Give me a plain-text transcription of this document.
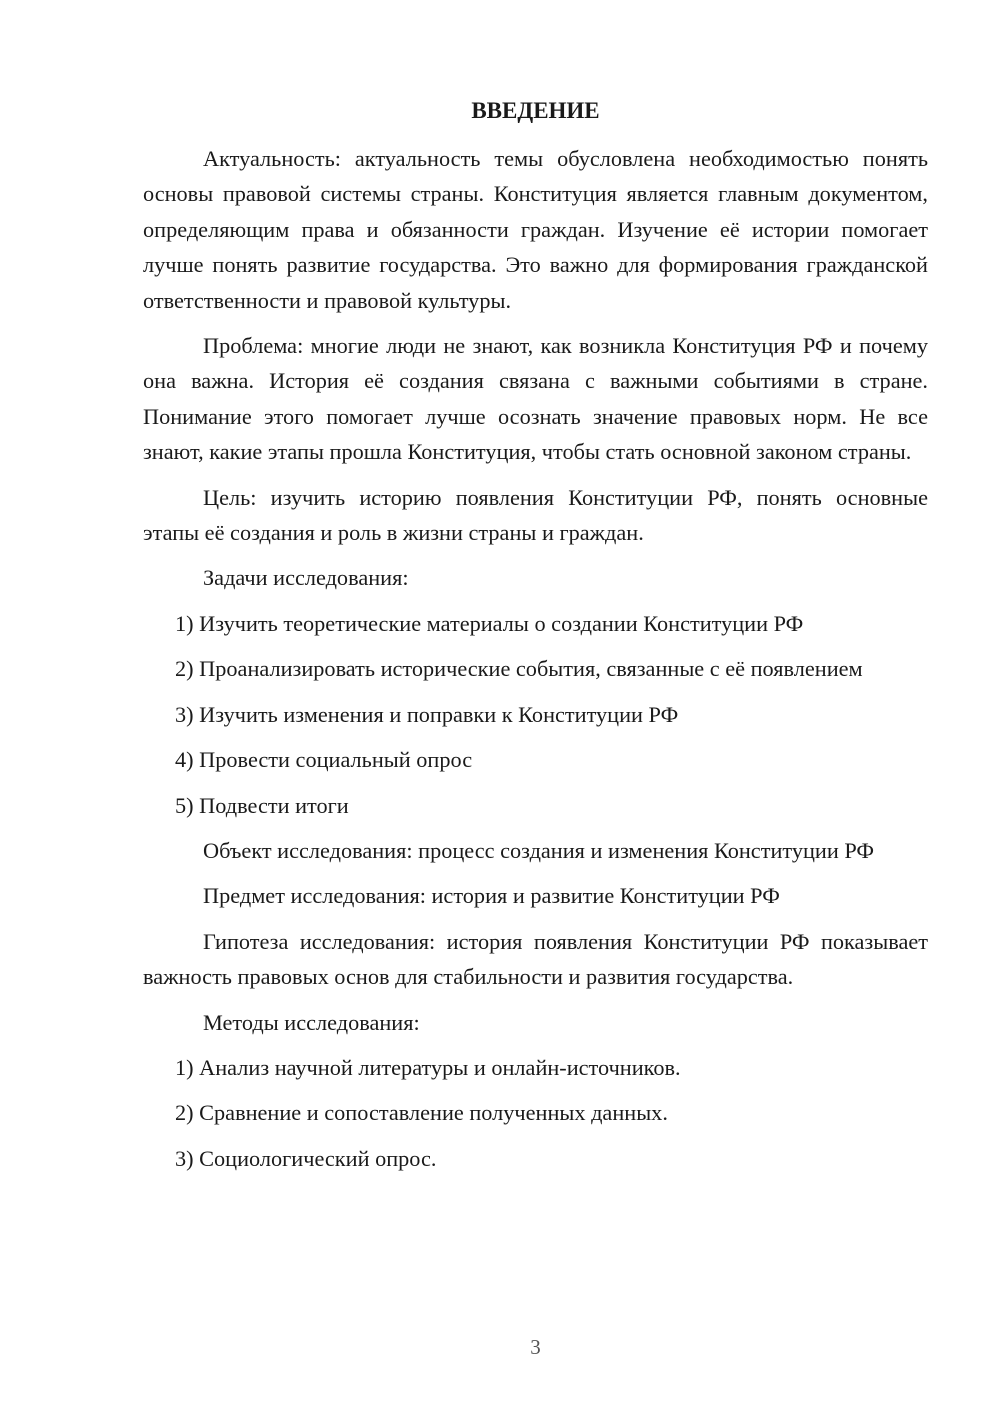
ВВЕДЕНИЕ

Актуальность: актуальность темы обусловлена необходимостью понять основы правовой системы страны. Конституция является главным документом, определяющим права и обязанности граждан. Изучение её истории помогает лучше понять развитие государства. Это важно для формирования гражданской ответственности и правовой культуры.

Проблема: многие люди не знают, как возникла Конституция РФ и почему она важна. История её создания связана с важными событиями в стране. Понимание этого помогает лучше осознать значение правовых норм. Не все знают, какие этапы прошла Конституция, чтобы стать основной законом страны.

Цель: изучить историю появления Конституции РФ, понять основные этапы её создания и роль в жизни страны и граждан.

Задачи исследования:

1) Изучить теоретические материалы о создании Конституции РФ

2) Проанализировать исторические события, связанные с её появлением

3) Изучить изменения и поправки к Конституции РФ

4) Провести социальный опрос

5) Подвести итоги

Объект исследования: процесс создания и изменения Конституции РФ

Предмет исследования: история и развитие Конституции РФ

Гипотеза исследования: история появления Конституции РФ показывает важность правовых основ для стабильности и развития государства.

Методы исследования:

1) Анализ научной литературы и онлайн-источников.

2) Сравнение и сопоставление полученных данных.

3) Социологический опрос.

3
